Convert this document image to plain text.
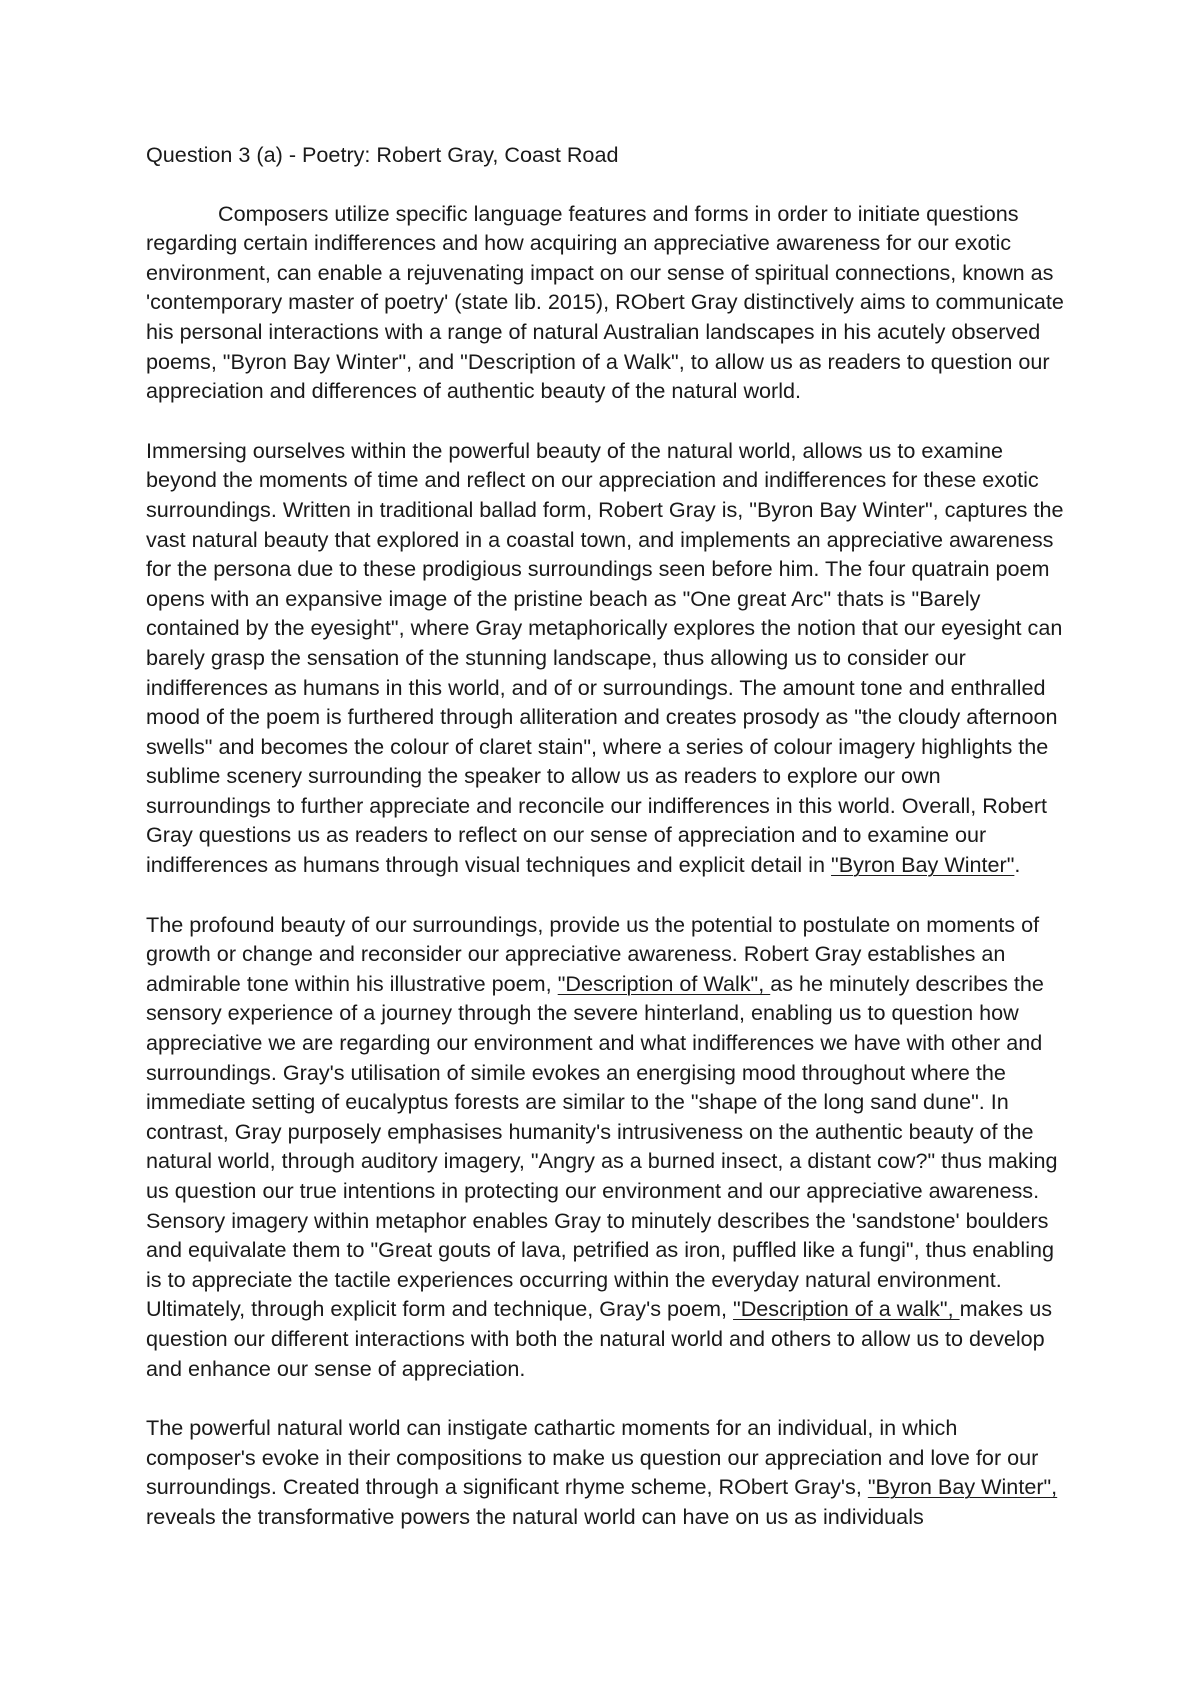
Question 3 (a) - Poetry: Robert Gray, Coast Road

Composers utilize specific language features and forms in order to initiate questions regarding certain indifferences and how acquiring an appreciative awareness for our exotic environment, can enable a rejuvenating impact on our sense of spiritual connections, known as 'contemporary master of poetry' (state lib. 2015), RObert Gray distinctively aims to communicate his personal interactions with a range of natural Australian landscapes in his acutely observed poems, "Byron Bay Winter", and "Description of a Walk", to allow us as readers to question our appreciation and differences of authentic beauty of the natural world.

Immersing ourselves within the powerful beauty of the natural world, allows us to examine beyond the moments of time and reflect on our appreciation and indifferences for these exotic surroundings. Written in traditional ballad form, Robert Gray is, "Byron Bay Winter", captures the vast natural beauty that explored in a coastal town, and implements an appreciative awareness for the persona due to these prodigious surroundings seen before him. The four quatrain poem opens with an expansive image of the pristine beach as "One great Arc" thats is "Barely contained by the eyesight", where Gray metaphorically explores the notion that our eyesight can barely grasp the sensation of the stunning landscape, thus allowing us to consider our indifferences as humans in this world, and of or surroundings. The amount tone and enthralled mood of the poem is furthered through alliteration and creates prosody as "the cloudy afternoon swells" and becomes the colour of claret stain", where a series of colour imagery highlights the sublime scenery surrounding the speaker to allow us as readers to explore our own surroundings to further appreciate and reconcile our indifferences in this world. Overall, Robert Gray questions us as readers to reflect on our sense of appreciation and to examine our indifferences as humans through visual techniques and explicit detail in "Byron Bay Winter".

The profound beauty of our surroundings, provide us the potential to postulate on moments of growth or change and reconsider our appreciative awareness. Robert Gray establishes an admirable tone within his illustrative poem, "Description of Walk", as he minutely describes the sensory experience of a journey through the severe hinterland, enabling us to question how appreciative we are regarding our environment and what indifferences we have with other and surroundings. Gray's utilisation of simile evokes an energising mood throughout where the immediate setting of eucalyptus forests are similar to the "shape of the long sand dune". In contrast, Gray purposely emphasises humanity's intrusiveness on the authentic beauty of the natural world, through auditory imagery, "Angry as a burned insect, a distant cow?" thus making us question our true intentions in protecting our environment and our appreciative awareness. Sensory imagery within metaphor enables Gray to minutely describes the 'sandstone' boulders and equivalate them to "Great gouts of lava, petrified as iron, puffled like a fungi", thus enabling is to appreciate the tactile experiences occurring within the everyday natural environment. Ultimately, through explicit form and technique, Gray's poem, "Description of a walk", makes us question our different interactions with both the natural world and others to allow us to develop and enhance our sense of appreciation.

The powerful natural world can instigate cathartic moments for an individual, in which composer's evoke in their compositions to make us question our appreciation and love for our surroundings. Created through a significant rhyme scheme, RObert Gray's, "Byron Bay Winter", reveals the transformative powers the natural world can have on us as individuals
